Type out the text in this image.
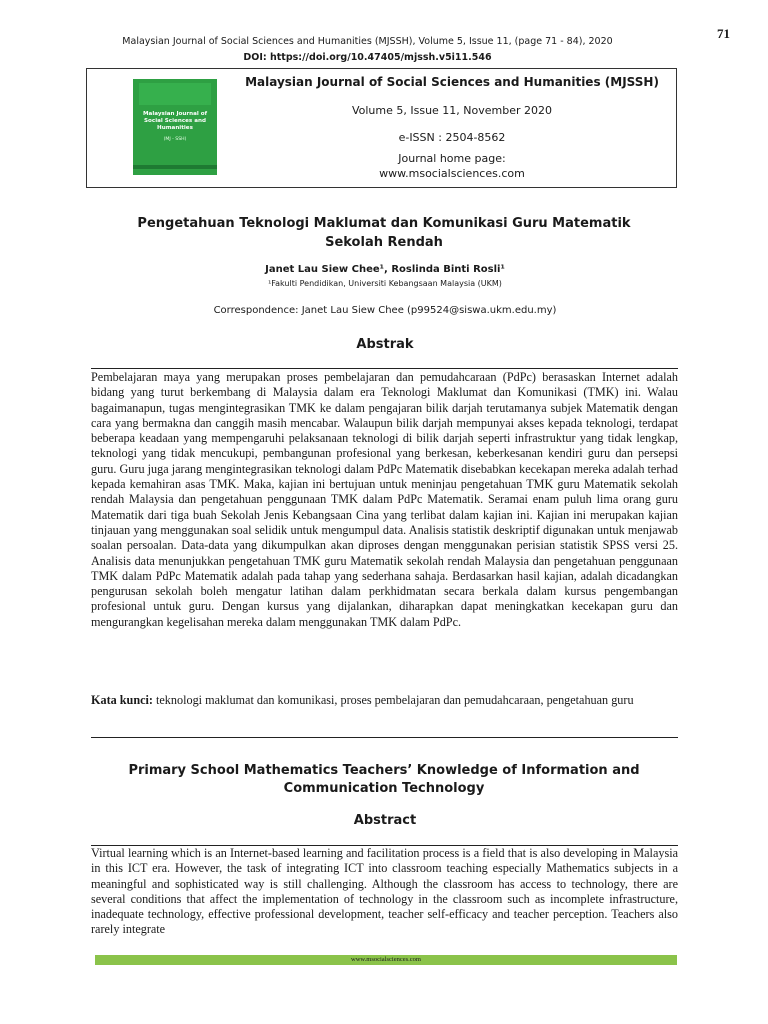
71
Malaysian Journal of Social Sciences and Humanities (MJSSH), Volume 5, Issue 11, (page 71 - 84), 2020
DOI: https://doi.org/10.47405/mjssh.v5i11.546
Malaysian Journal of Social Sciences and Humanities
(MJ - SSH)
Malaysian Journal of Social Sciences and Humanities (MJSSH)
Volume 5, Issue 11, November 2020
e-ISSN : 2504-8562
Journal home page:
www.msocialsciences.com
Pengetahuan Teknologi Maklumat dan Komunikasi Guru Matematik Sekolah Rendah
Janet Lau Siew Chee¹, Roslinda Binti Rosli¹
¹Fakulti Pendidikan, Universiti Kebangsaan Malaysia (UKM)
Correspondence: Janet Lau Siew Chee (p99524@siswa.ukm.edu.my)
Abstrak
Pembelajaran maya yang merupakan proses pembelajaran dan pemudahcaraan (PdPc) berasaskan Internet adalah bidang yang turut berkembang di Malaysia dalam era Teknologi Maklumat dan Komunikasi (TMK) ini. Walau bagaimanapun, tugas mengintegrasikan TMK ke dalam pengajaran bilik darjah terutamanya subjek Matematik dengan cara yang bermakna dan canggih masih mencabar. Walaupun bilik darjah mempunyai akses kepada teknologi, terdapat beberapa keadaan yang mempengaruhi pelaksanaan teknologi di bilik darjah seperti infrastruktur yang tidak lengkap, teknologi yang tidak mencukupi, pembangunan profesional yang berkesan, keberkesanan kendiri guru dan persepsi guru. Guru juga jarang mengintegrasikan teknologi dalam PdPc Matematik disebabkan kecekapan mereka adalah terhad kepada kemahiran asas TMK. Maka, kajian ini bertujuan untuk meninjau pengetahuan TMK guru Matematik sekolah rendah Malaysia dan pengetahuan penggunaan TMK dalam PdPc Matematik. Seramai enam puluh lima orang guru Matematik dari tiga buah Sekolah Jenis Kebangsaan Cina yang terlibat dalam kajian ini. Kajian ini merupakan kajian tinjauan yang menggunakan soal selidik untuk mengumpul data. Analisis statistik deskriptif digunakan untuk menjawab soalan persoalan. Data-data yang dikumpulkan akan diproses dengan menggunakan perisian statistik SPSS versi 25. Analisis data menunjukkan pengetahuan TMK guru Matematik sekolah rendah Malaysia dan pengetahuan penggunaan TMK dalam PdPc Matematik adalah pada tahap yang sederhana sahaja. Berdasarkan hasil kajian, adalah dicadangkan pengurusan sekolah boleh mengatur latihan dalam perkhidmatan secara berkala dalam kursus pengembangan profesional untuk guru. Dengan kursus yang dijalankan, diharapkan dapat meningkatkan kecekapan guru dan mengurangkan kegelisahan mereka dalam menggunakan TMK dalam PdPc.
Kata kunci: teknologi maklumat dan komunikasi, proses pembelajaran dan pemudahcaraan, pengetahuan guru
Primary School Mathematics Teachers’ Knowledge of Information and Communication Technology
Abstract
Virtual learning which is an Internet-based learning and facilitation process is a field that is also developing in Malaysia in this ICT era. However, the task of integrating ICT into classroom teaching especially Mathematics subjects in a meaningful and sophisticated way is still challenging. Although the classroom has access to technology, there are several conditions that affect the implementation of technology in the classroom such as incomplete infrastructure, inadequate technology, effective professional development, teacher self-efficacy and teacher perception. Teachers also rarely integrate
www.msocialsciences.com
